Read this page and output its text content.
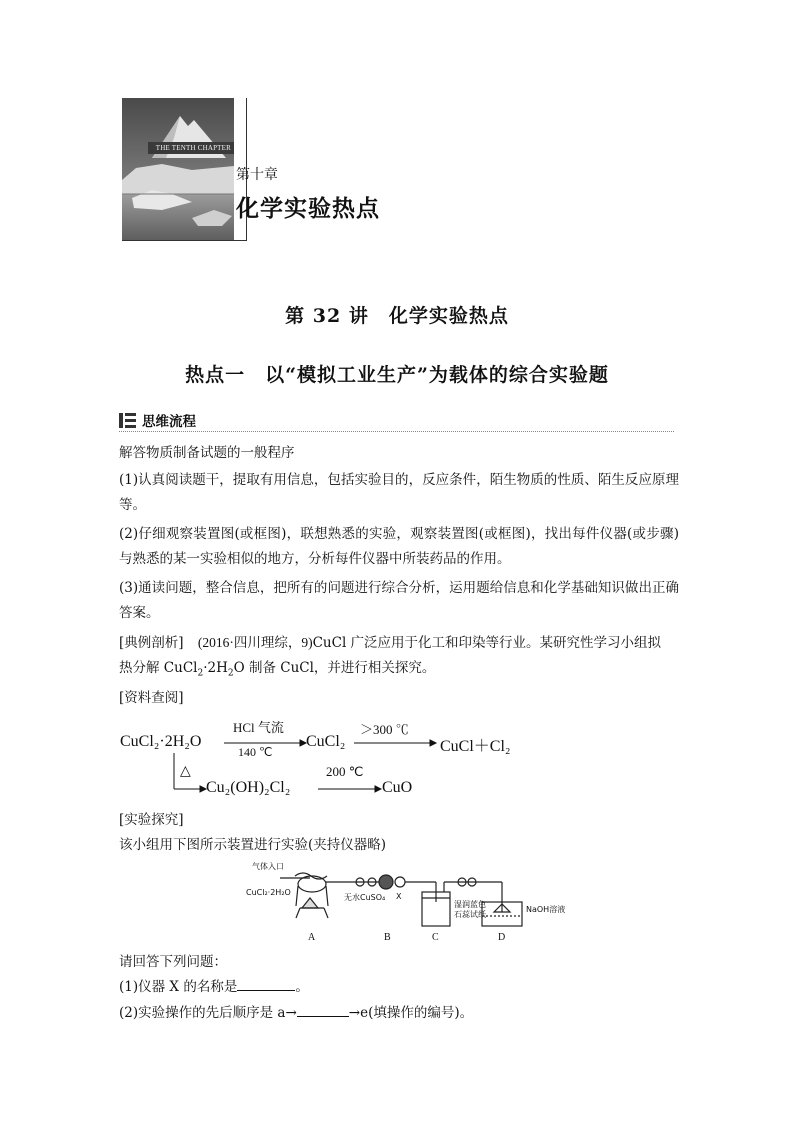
THE TENTH CHAPTER
第十章
化学实验热点
第 32 讲　化学实验热点
热点一　以“模拟工业生产”为载体的综合实验题
思维流程
解答物质制备试题的一般程序
(1)认真阅读题干，提取有用信息，包括实验目的，反应条件，陌生物质的性质、陌生反应原理等。
(2)仔细观察装置图(或框图)，联想熟悉的实验，观察装置图(或框图)，找出每件仪器(或步骤)与熟悉的某一实验相似的地方，分析每件仪器中所装药品的作用。
(3)通读问题，整合信息，把所有的问题进行综合分析，运用题给信息和化学基础知识做出正确答案。
[典例剖析] (2016·四川理综，9)CuCl 广泛应用于化工和印染等行业。某研究性学习小组拟
热分解 $CuCl_2\cdot 2H_2O$ 制备 CuCl，并进行相关探究。
[资料查阅]
CuCl₂·2H₂O
HCl 气流
140 ℃
CuCl₂
＞300 ℃
CuCl＋Cl₂
△
Cu₂(OH)₂Cl₂
200 ℃
CuO
[实验探究]
该小组用下图所示装置进行实验(夹持仪器略)
气体入口
CuCl₂·2H₂O
无水CuSO₄ X
湿润蓝色石蕊试纸
NaOH溶液
A	B	C	D
请回答下列问题：
(1)仪器 X 的名称是	。
(2)实验操作的先后顺序是 a→	→e(填操作的编号)。
